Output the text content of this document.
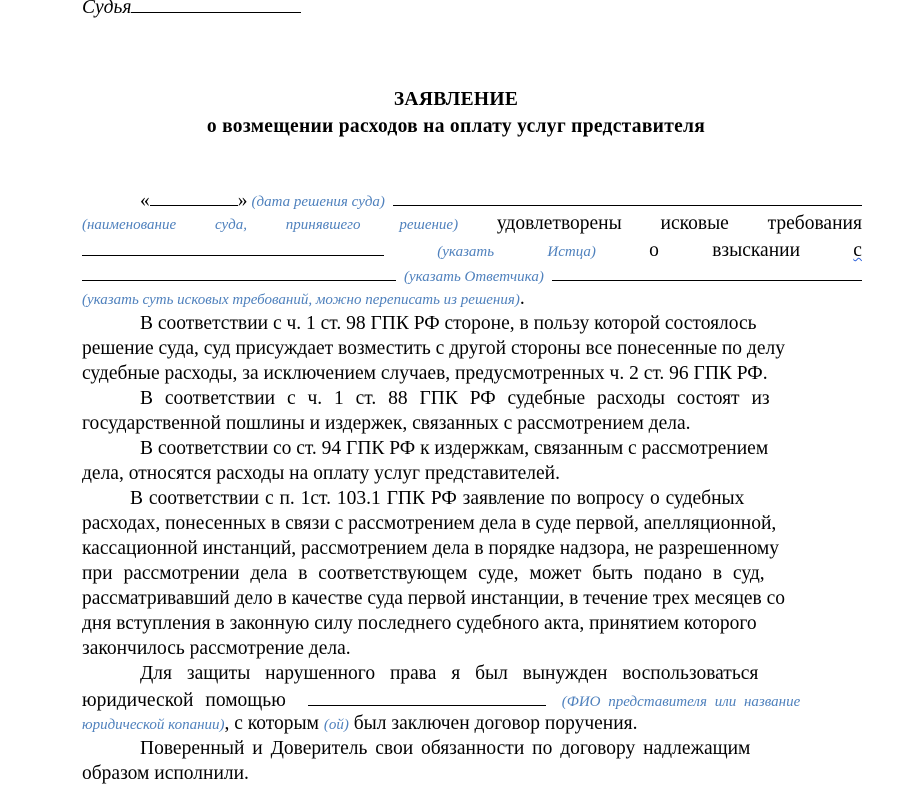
Судья
ЗАЯВЛЕНИЕ
о возмещении расходов на оплату услуг представителя
«	» (дата решения суда)
(наименование	суда,	принявшего	решение) удовлетворены исковые требования
(указать	Истца)	о	взыскании	с
(указать Ответчика)
(указать суть исковых требований, можно переписать из решения).
В соответствии с ч. 1 ст. 98 ГПК РФ стороне, в пользу которой состоялось
решение суда, суд присуждает возместить с другой стороны все понесенные по делу
судебные расходы, за исключением случаев, предусмотренных ч. 2 ст. 96 ГПК РФ.
В соответствии с ч. 1 ст. 88 ГПК РФ судебные расходы состоят из
государственной пошлины и издержек, связанных с рассмотрением дела.
В соответствии со ст. 94 ГПК РФ к издержкам, связанным с рассмотрением
дела, относятся расходы на оплату услуг представителей.
В соответствии с п. 1ст. 103.1 ГПК РФ заявление по вопросу о судебных
расходах, понесенных в связи с рассмотрением дела в суде первой, апелляционной,
кассационной инстанций, рассмотрением дела в порядке надзора, не разрешенному
при рассмотрении дела в соответствующем суде, может быть подано в суд,
рассматривавший дело в качестве суда первой инстанции, в течение трех месяцев со
дня вступления в законную силу последнего судебного акта, принятием которого
закончилось рассмотрение дела.
Для защиты нарушенного права я был вынужден воспользоваться
юридической помощью	(ФИО представителя или название
юридической копании), с которым (ой) был заключен договор поручения.
Поверенный и Доверитель свои обязанности по договору надлежащим
образом исполнили.
